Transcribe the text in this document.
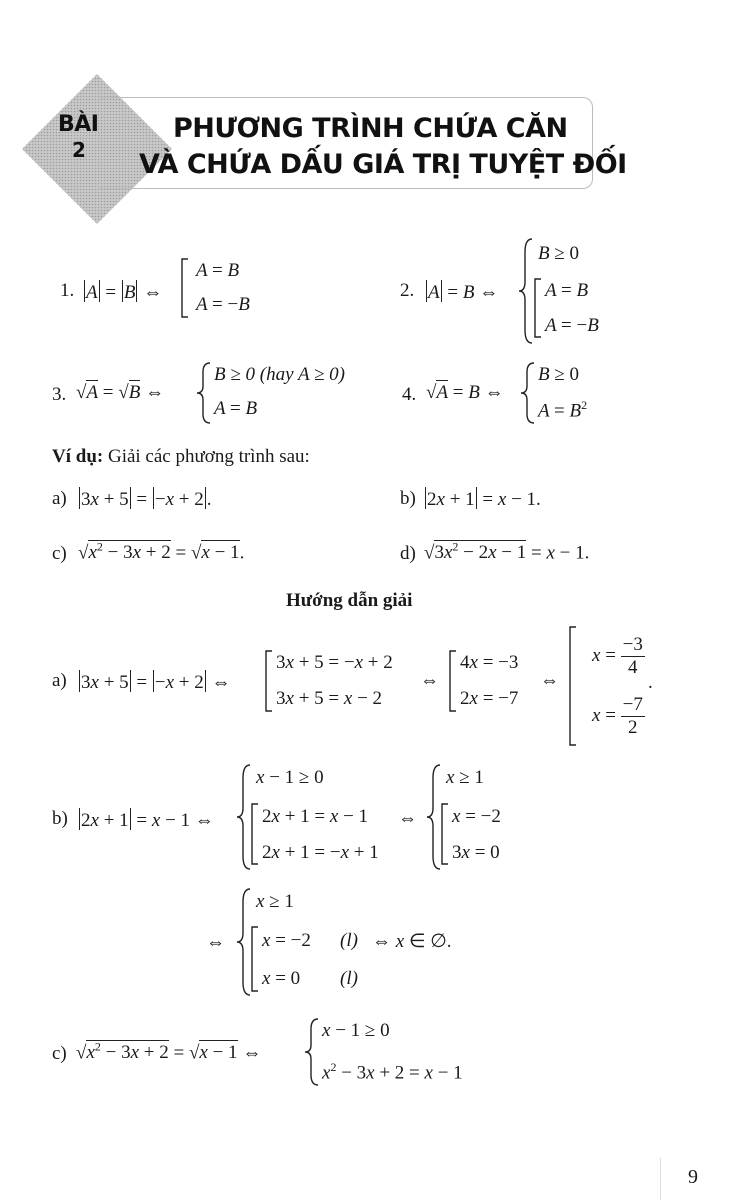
BÀI
2
PHƯƠNG TRÌNH CHỨA CĂN
VÀ CHỨA DẤU GIÁ TRỊ TUYỆT ĐỐI
1. A = B ⇔
A = B
A = −B
2. A = B ⇔
B ≥ 0
A = B
A = −B
3. √A = √B ⇔
B ≥ 0 (hay A ≥ 0)
A = B
4. √A = B ⇔
B ≥ 0
$A = B^2$
Ví dụ: Giải các phương trình sau:
a) 3x + 5 = −x + 2 .	b) 2x + 1 = x − 1.
c) $√x^2 - 3x + 2 = √x - 1$.	d) $√3x^2 - 2x - 1 = x - 1$.
Hướng dẫn giải
a) 3x + 5 = −x + 2 ⇔
3x + 5 = −x + 2
3x + 5 = x − 2
⇔
4x = −3
2x = −7
⇔
$x = \frac{-3}{4}$
$x = \frac{-7}{2}$
.
b) 2x + 1 = x − 1 ⇔
x − 1 ≥ 0
2x + 1 = x − 1
2x + 1 = −x + 1
⇔
x ≥ 1
x = −2
3x = 0
⇔
x ≥ 1
x = −2 (l) ⇔ x ∈ ∅.
x = 0 (l)
c) $√x^2 - 3x + 2 = √x - 1$ ⇔
x − 1 ≥ 0
$x^2 - 3x + 2 = x - 1$
9
